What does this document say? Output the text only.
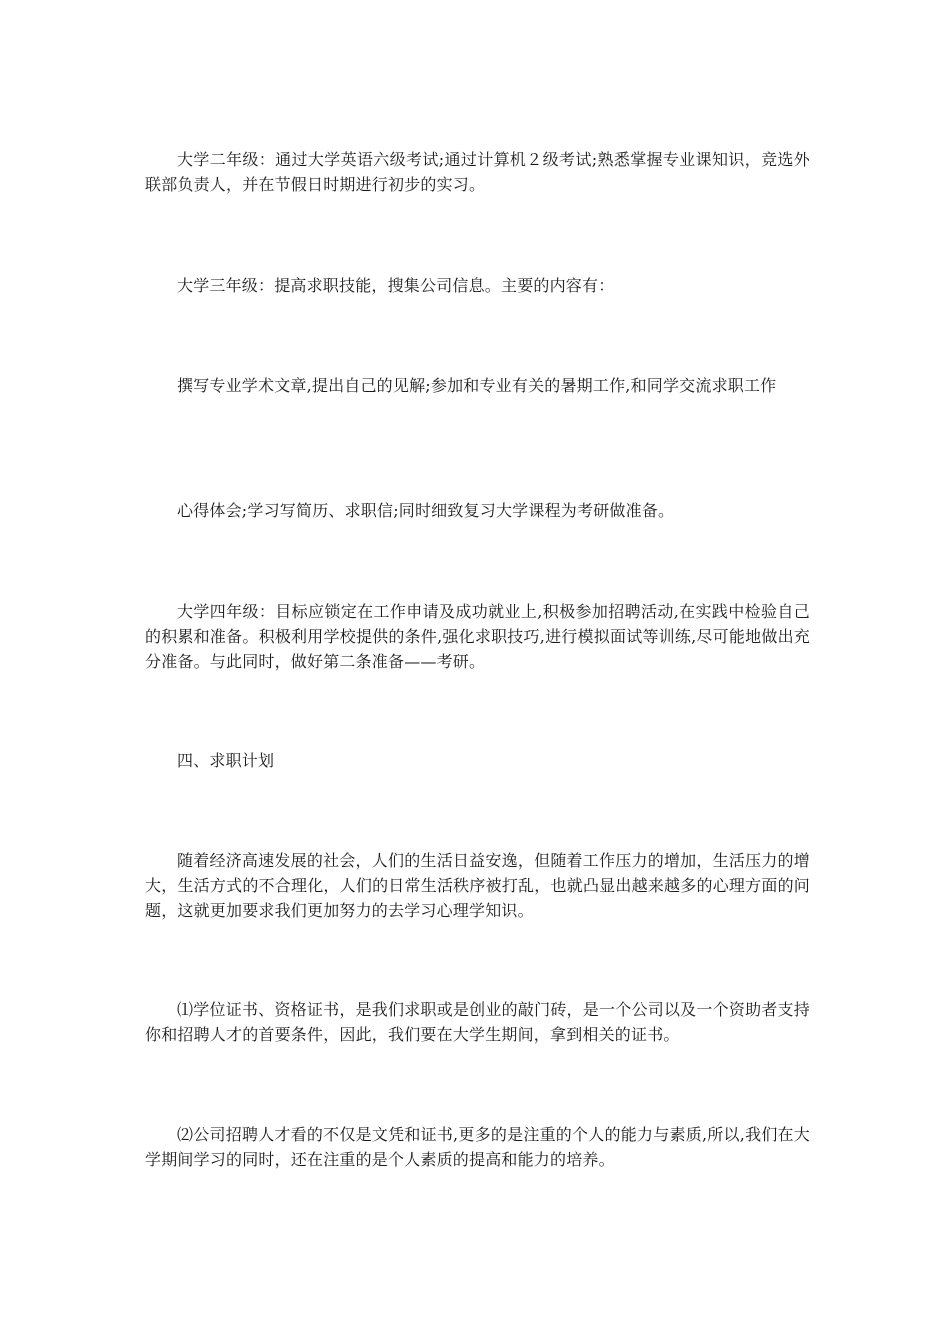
大学二年级：通过大学英语六级考试;通过计算机２级考试;熟悉掌握专业课知识，竞选外联部负责人，并在节假日时期进行初步的实习。

大学三年级：提高求职技能，搜集公司信息。主要的内容有：

撰写专业学术文章,提出自己的见解;参加和专业有关的暑期工作,和同学交流求职工作

心得体会;学习写简历、求职信;同时细致复习大学课程为考研做准备。

大学四年级：目标应锁定在工作申请及成功就业上,积极参加招聘活动,在实践中检验自己的积累和准备。积极利用学校提供的条件,强化求职技巧,进行模拟面试等训练,尽可能地做出充分准备。与此同时，做好第二条准备——考研。

四、求职计划

随着经济高速发展的社会，人们的生活日益安逸，但随着工作压力的增加，生活压力的增大，生活方式的不合理化，人们的日常生活秩序被打乱，也就凸显出越来越多的心理方面的问题，这就更加要求我们更加努力的去学习心理学知识。

⑴学位证书、资格证书，是我们求职或是创业的敲门砖，是一个公司以及一个资助者支持你和招聘人才的首要条件，因此，我们要在大学生期间，拿到相关的证书。

⑵公司招聘人才看的不仅是文凭和证书,更多的是注重的个人的能力与素质,所以,我们在大学期间学习的同时，还在注重的是个人素质的提高和能力的培养。
